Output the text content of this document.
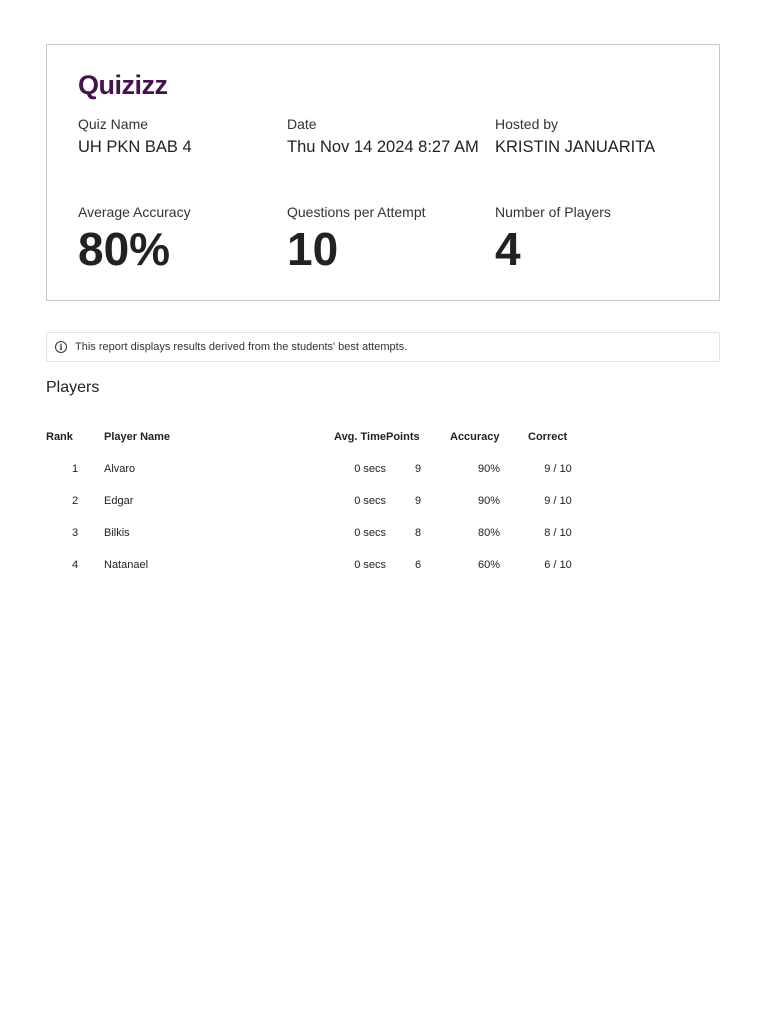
Quizizz
Quiz Name
UH PKN BAB 4
Date
Thu Nov 14 2024 8:27 AM
Hosted by
KRISTIN JANUARITA
Average Accuracy
80%
Questions per Attempt
10
Number of Players
4
i	This report displays results derived from the students' best attempts.
Players
Rank	Player Name	Avg. Time	Points	Accuracy	Correct
1	Alvaro	0 secs	9	90%	9 / 10
2	Edgar	0 secs	9	90%	9 / 10
3	Bilkis	0 secs	8	80%	8 / 10
4	Natanael	0 secs	6	60%	6 / 10
